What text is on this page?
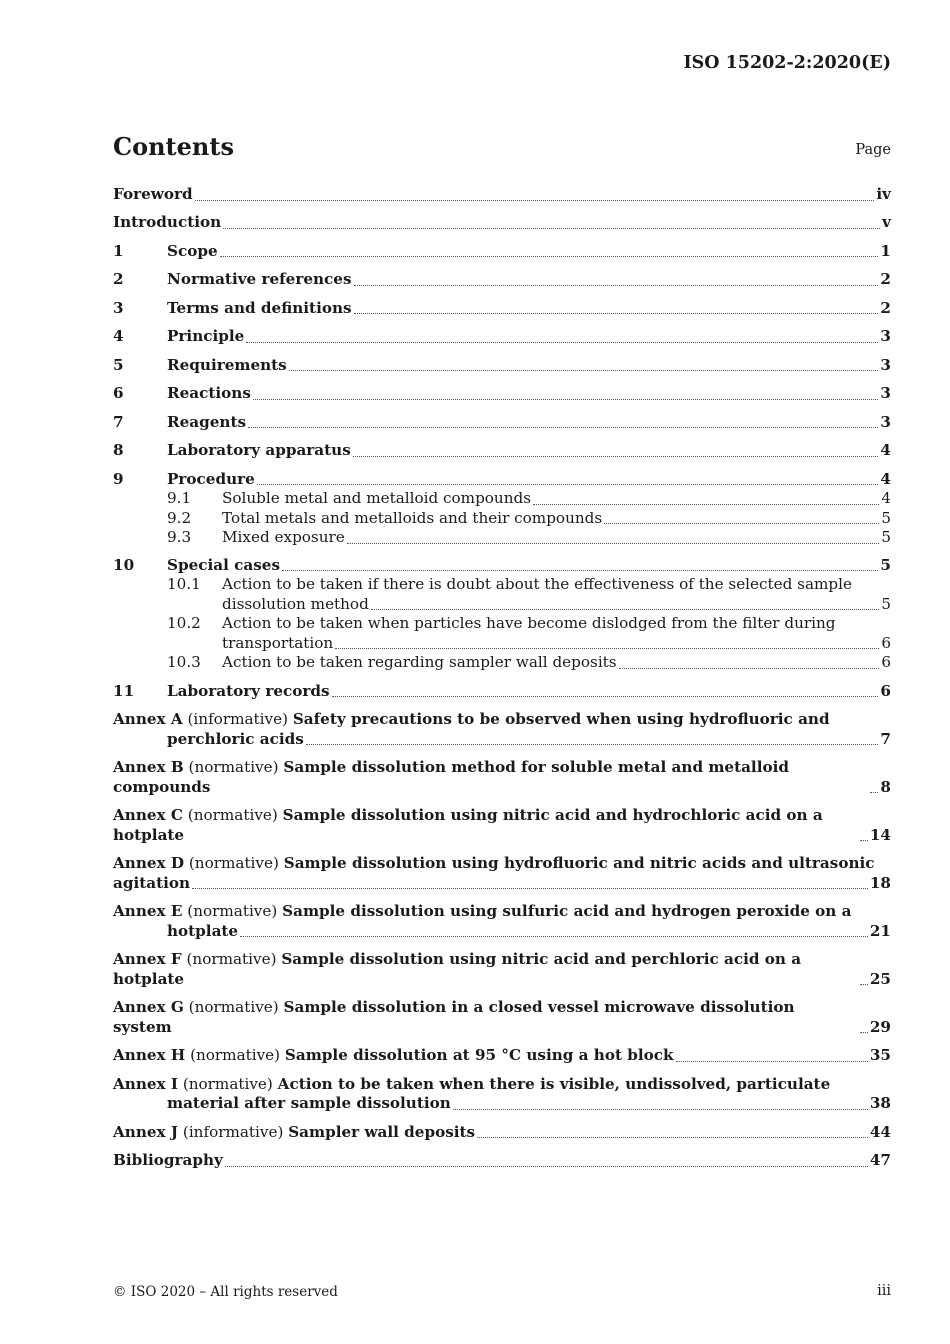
ISO 15202-2:2020(E)
Contents	Page
Foreword	iv
Introduction	v
1	Scope	1
2	Normative references	2
3	Terms and definitions	2
4	Principle	3
5	Requirements	3
6	Reactions	3
7	Reagents	3
8	Laboratory apparatus	4
9	Procedure	4
9.1	Soluble metal and metalloid compounds	4
9.2	Total metals and metalloids and their compounds	5
9.3	Mixed exposure	5
10	Special cases	5
10.1	Action to be taken if there is doubt about the effectiveness of the selected sample
dissolution method	5
10.2	Action to be taken when particles have become dislodged from the filter during
transportation	6
10.3	Action to be taken regarding sampler wall deposits	6
11	Laboratory records	6
Annex A (informative) Safety precautions to be observed when using hydrofluoric and
perchloric acids	7
Annex B (normative) Sample dissolution method for soluble metal and metalloid compounds	8
Annex C (normative) Sample dissolution using nitric acid and hydrochloric acid on a hotplate	14
Annex D (normative) Sample dissolution using hydrofluoric and nitric acids and ultrasonic
agitation	18
Annex E (normative) Sample dissolution using sulfuric acid and hydrogen peroxide on a
hotplate	21
Annex F (normative) Sample dissolution using nitric acid and perchloric acid on a hotplate	25
Annex G (normative) Sample dissolution in a closed vessel microwave dissolution system	29
Annex H (normative) Sample dissolution at 95 °C using a hot block	35
Annex I (normative) Action to be taken when there is visible, undissolved, particulate
material after sample dissolution	38
Annex J (informative) Sampler wall deposits	44
Bibliography	47
© ISO 2020 – All rights reserved	iii
